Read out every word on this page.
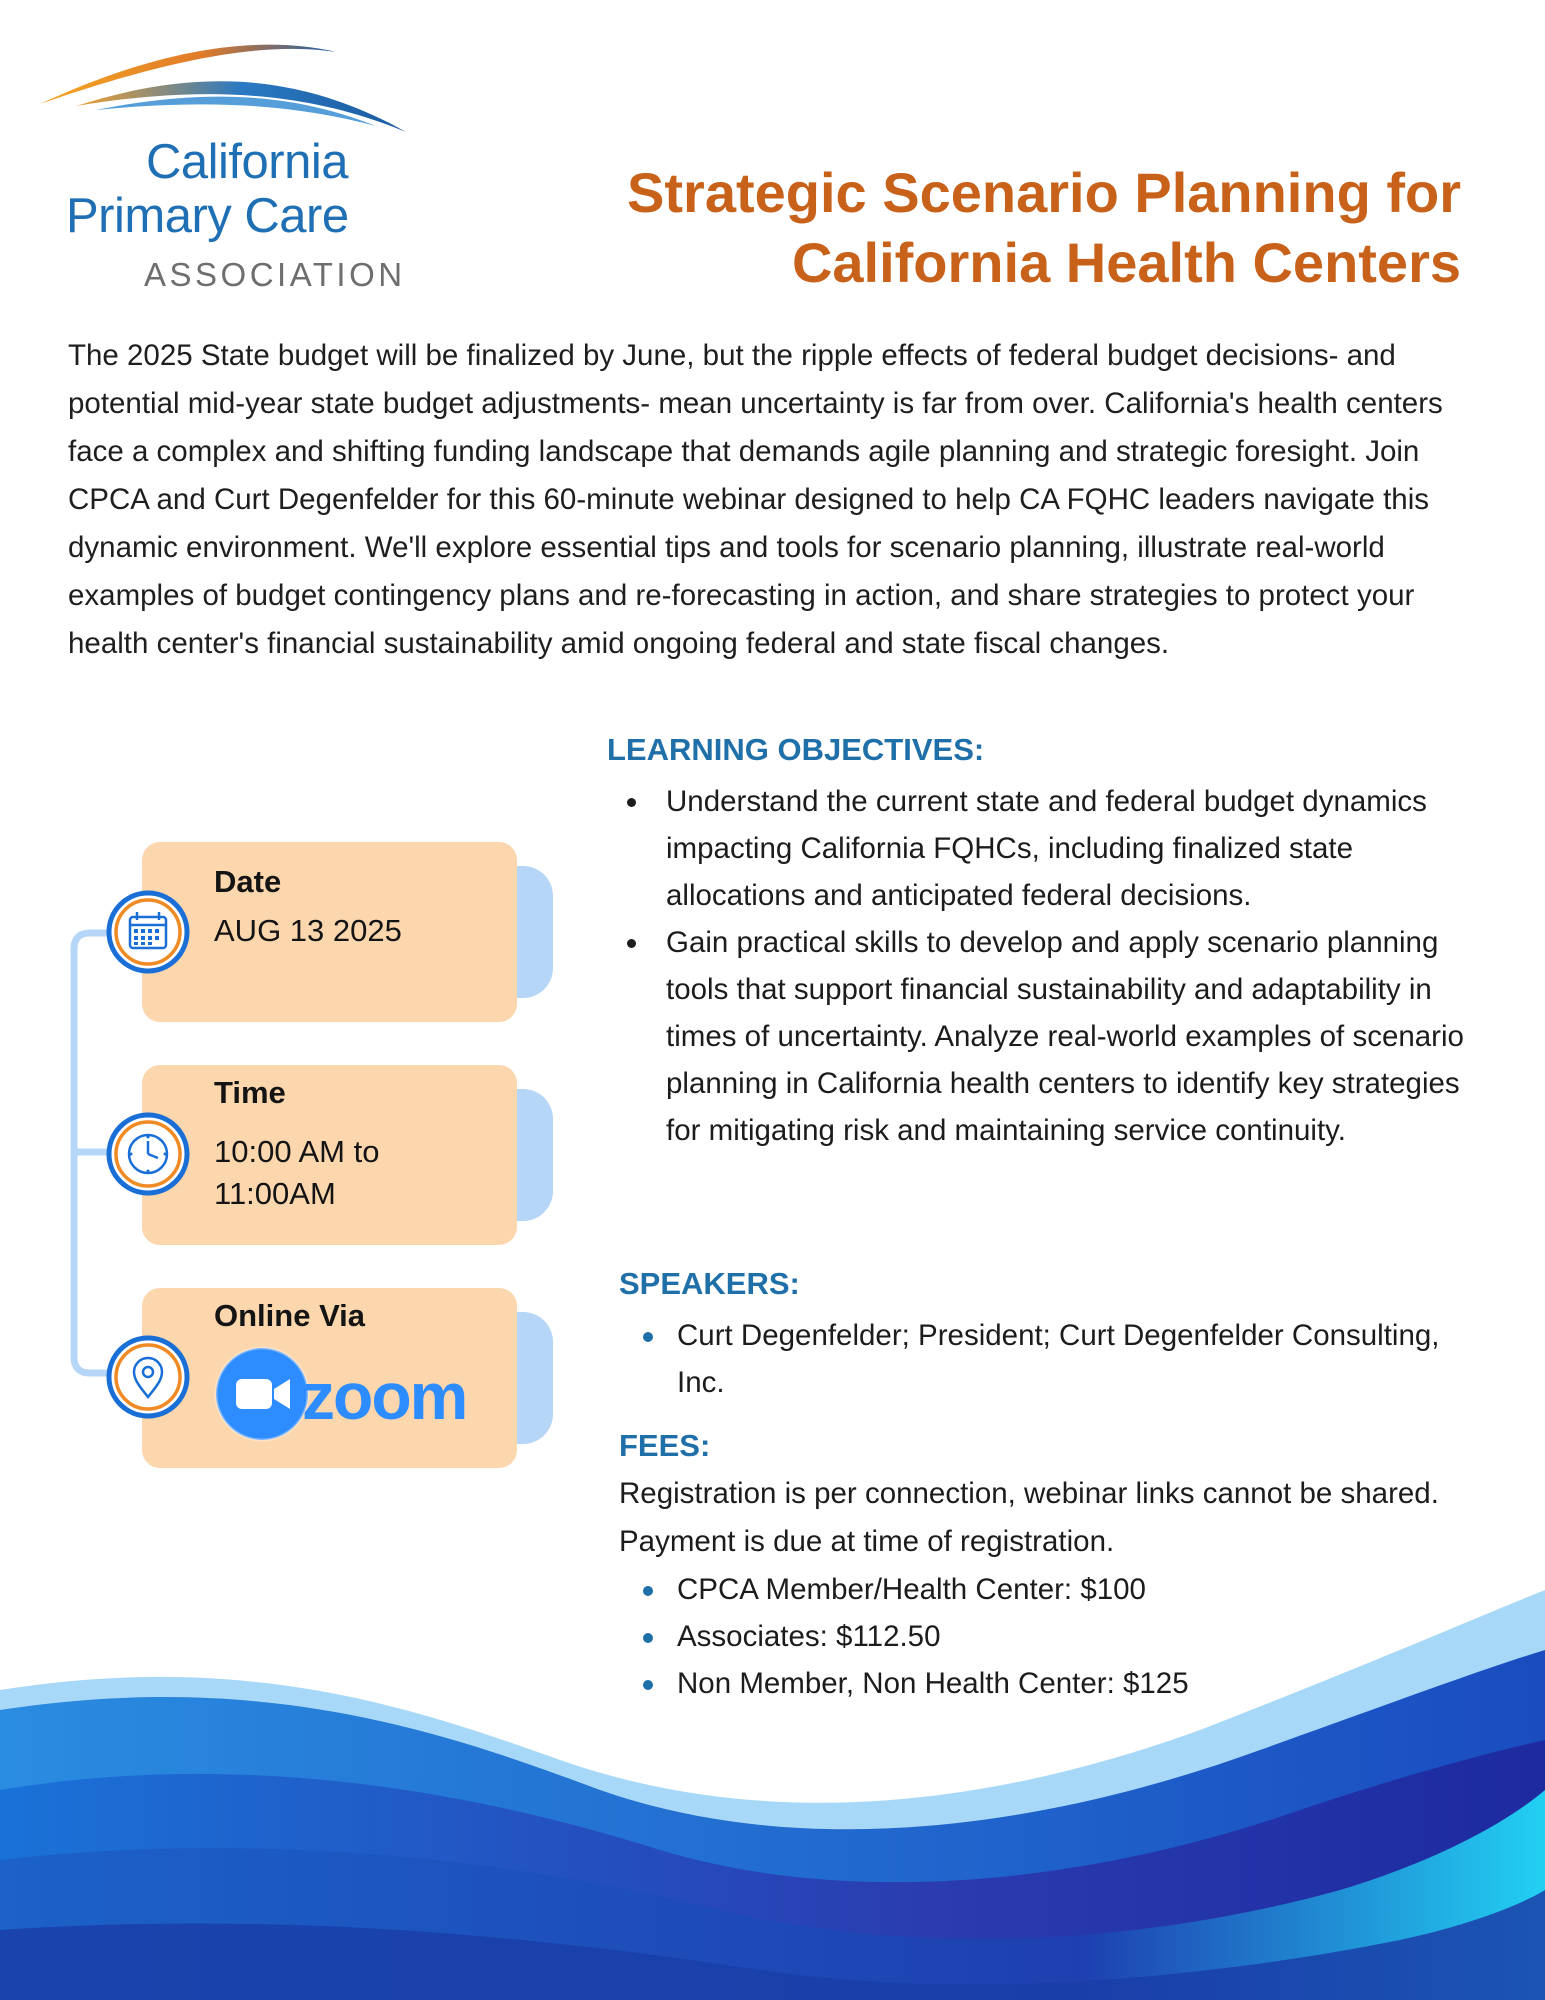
California
Primary Care
ASSOCIATION
Strategic Scenario Planning for
California Health Centers

The 2025 State budget will be finalized by June, but the ripple effects of federal budget decisions- and potential mid-year state budget adjustments- mean uncertainty is far from over. California's health centers face a complex and shifting funding landscape that demands agile planning and strategic foresight. Join CPCA and Curt Degenfelder for this 60-minute webinar designed to help CA FQHC leaders navigate this dynamic environment. We'll explore essential tips and tools for scenario planning, illustrate real-world examples of budget contingency plans and re-forecasting in action, and share strategies to protect your health center's financial sustainability amid ongoing federal and state fiscal changes.

Date
AUG 13 2025
Time
10:00 AM to 11:00AM
Online Via
zoom
LEARNING OBJECTIVES:
Understand the current state and federal budget dynamics impacting California FQHCs, including finalized state allocations and anticipated federal decisions.
Gain practical skills to develop and apply scenario planning tools that support financial sustainability and adaptability in times of uncertainty. Analyze real-world examples of scenario planning in California health centers to identify key strategies for mitigating risk and maintaining service continuity.
SPEAKERS:
Curt Degenfelder; President; Curt Degenfelder Consulting, Inc.
FEES:

Registration is per connection, webinar links cannot be shared. Payment is due at time of registration.

CPCA Member/Health Center: $100
Associates: $112.50
Non Member, Non Health Center: $125
